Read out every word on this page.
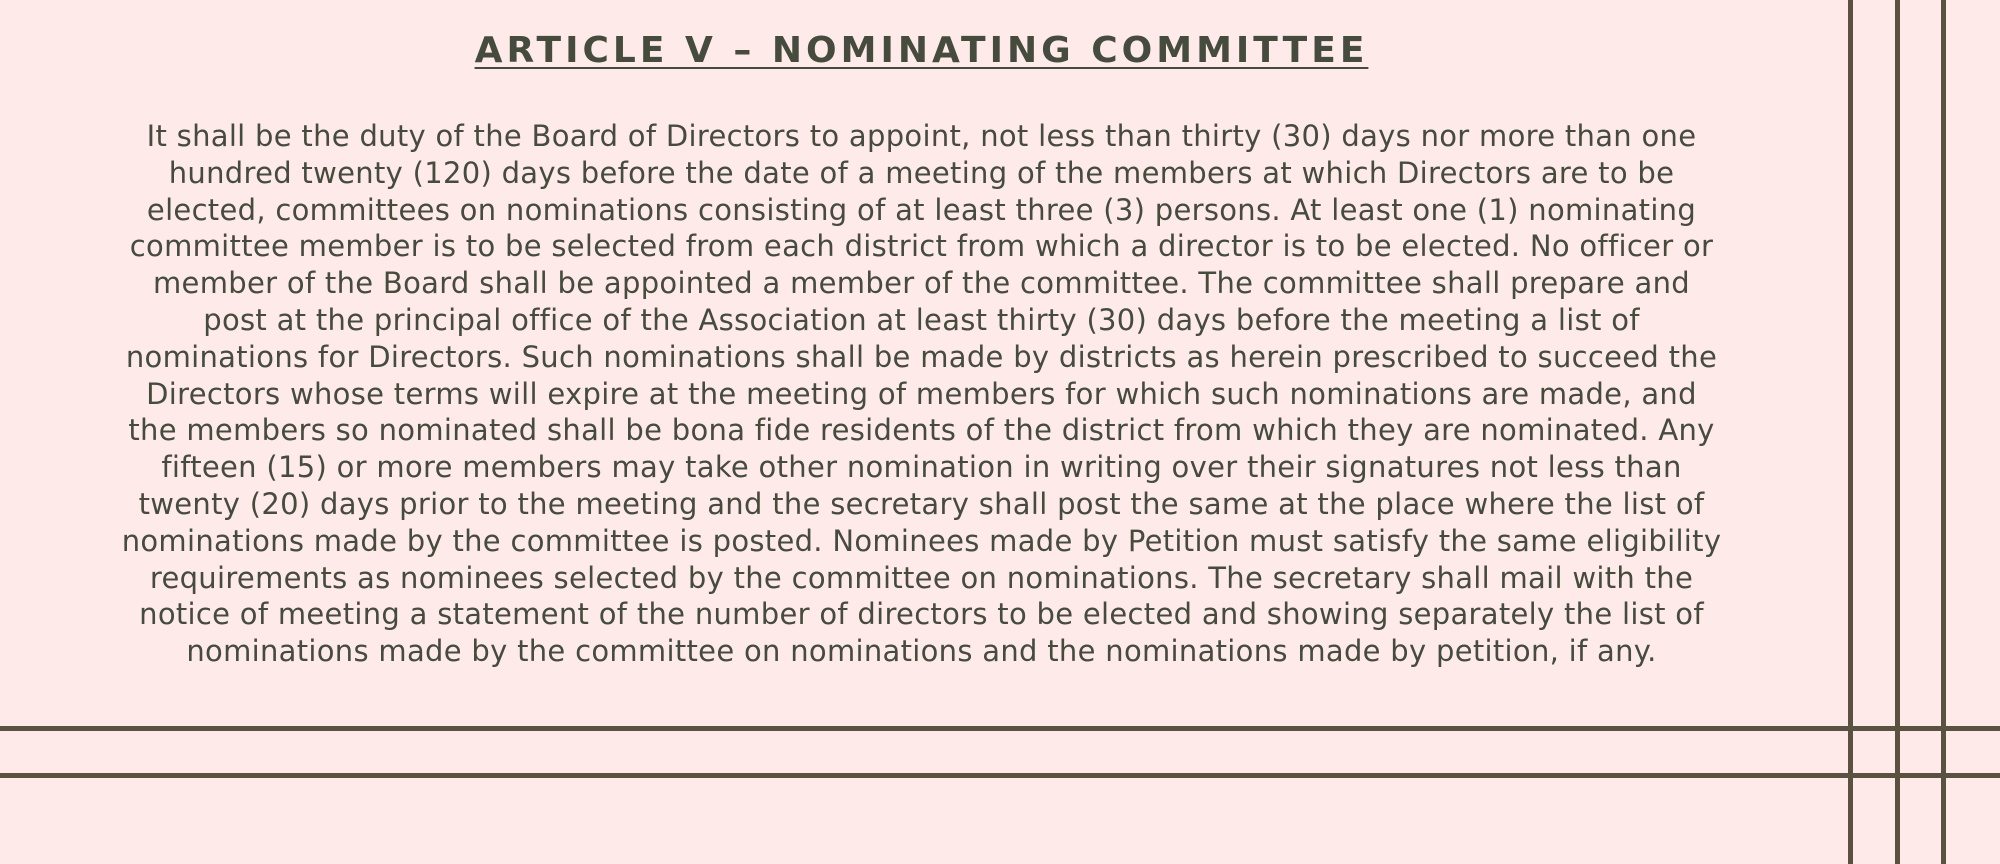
ARTICLE V – NOMINATING COMMITTEE
It shall be the duty of the Board of Directors to appoint, not less than thirty (30) days nor more than one
hundred twenty (120) days before the date of a meeting of the members at which Directors are to be
elected, committees on nominations consisting of at least three (3) persons. At least one (1) nominating
committee member is to be selected from each district from which a director is to be elected. No officer or
member of the Board shall be appointed a member of the committee. The committee shall prepare and
post at the principal office of the Association at least thirty (30) days before the meeting a list of
nominations for Directors. Such nominations shall be made by districts as herein prescribed to succeed the
Directors whose terms will expire at the meeting of members for which such nominations are made, and
the members so nominated shall be bona fide residents of the district from which they are nominated. Any
fifteen (15) or more members may take other nomination in writing over their signatures not less than
twenty (20) days prior to the meeting and the secretary shall post the same at the place where the list of
nominations made by the committee is posted. Nominees made by Petition must satisfy the same eligibility
requirements as nominees selected by the committee on nominations. The secretary shall mail with the
notice of meeting a statement of the number of directors to be elected and showing separately the list of
nominations made by the committee on nominations and the nominations made by petition, if any.
